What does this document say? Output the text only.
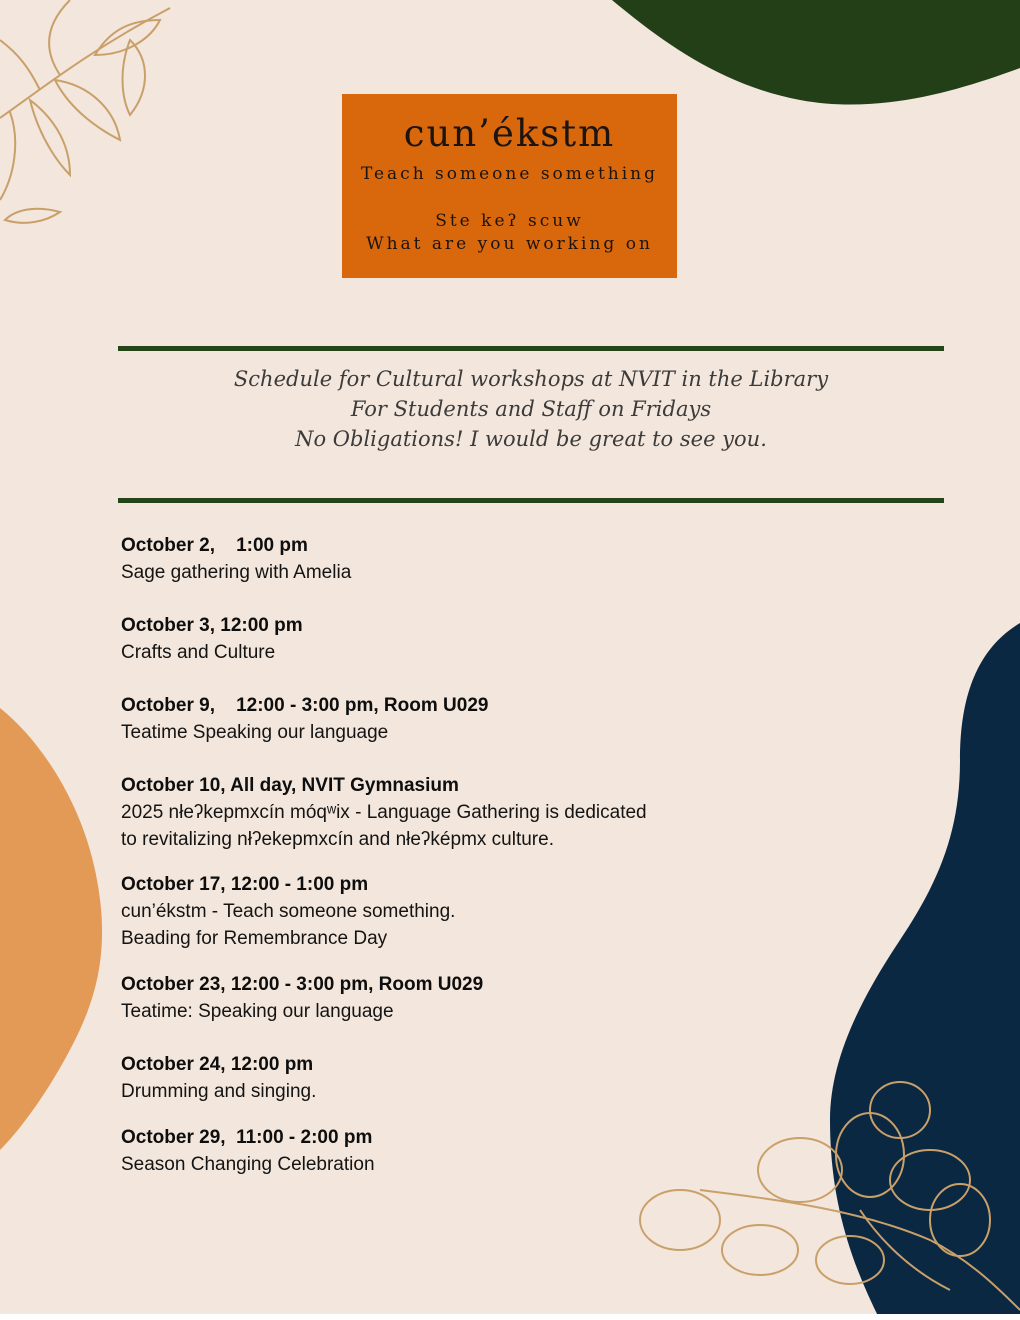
cun’ékstm
Teach someone something
Ste keʔ scuw
What are you working on
Schedule for Cultural workshops at NVIT in the Library
For Students and Staff on Fridays
No Obligations! I would be great to see you.
October 2,    1:00 pm
Sage gathering with Amelia
October 3, 12:00 pm
Crafts and Culture
October 9,    12:00 - 3:00 pm, Room U029
Teatime Speaking our language
October 10, All day, NVIT Gymnasium
2025 nłeʔkepmxcín móqʷix - Language Gathering is dedicated
to revitalizing nłʔekepmxcín and nłeʔképmx culture.
October 17, 12:00 - 1:00 pm
cun’ékstm - Teach someone something.
Beading for Remembrance Day
October 23, 12:00 - 3:00 pm, Room U029
Teatime: Speaking our language
October 24, 12:00 pm
Drumming and singing.
October 29,  11:00 - 2:00 pm
Season Changing Celebration
